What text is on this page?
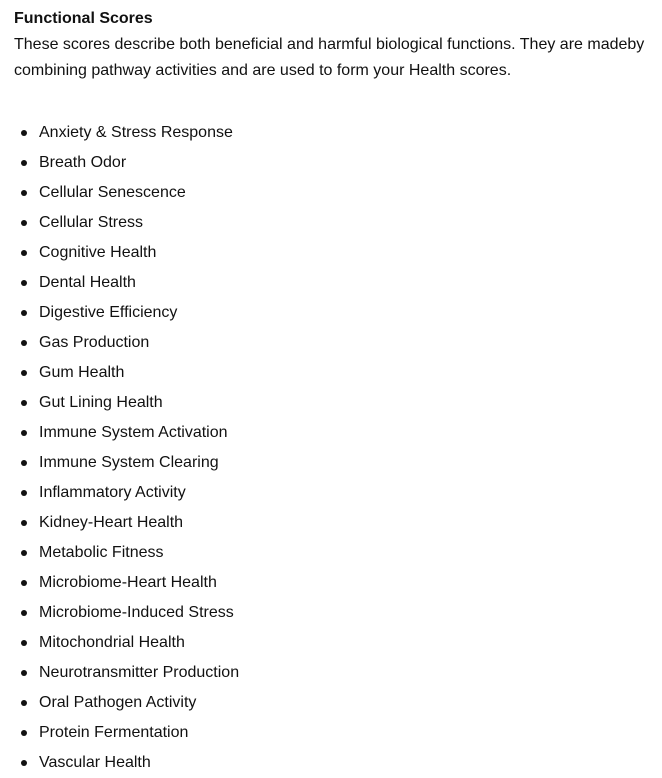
Functional Scores

These scores describe both beneficial and harmful biological functions. They are madeby combining pathway activities and are used to form your Health scores.

Anxiety & Stress Response
Breath Odor
Cellular Senescence
Cellular Stress
Cognitive Health
Dental Health
Digestive Efficiency
Gas Production
Gum Health
Gut Lining Health
Immune System Activation
Immune System Clearing
Inflammatory Activity
Kidney-Heart Health
Metabolic Fitness
Microbiome-Heart Health
Microbiome-Induced Stress
Mitochondrial Health
Neurotransmitter Production
Oral Pathogen Activity
Protein Fermentation
Vascular Health
